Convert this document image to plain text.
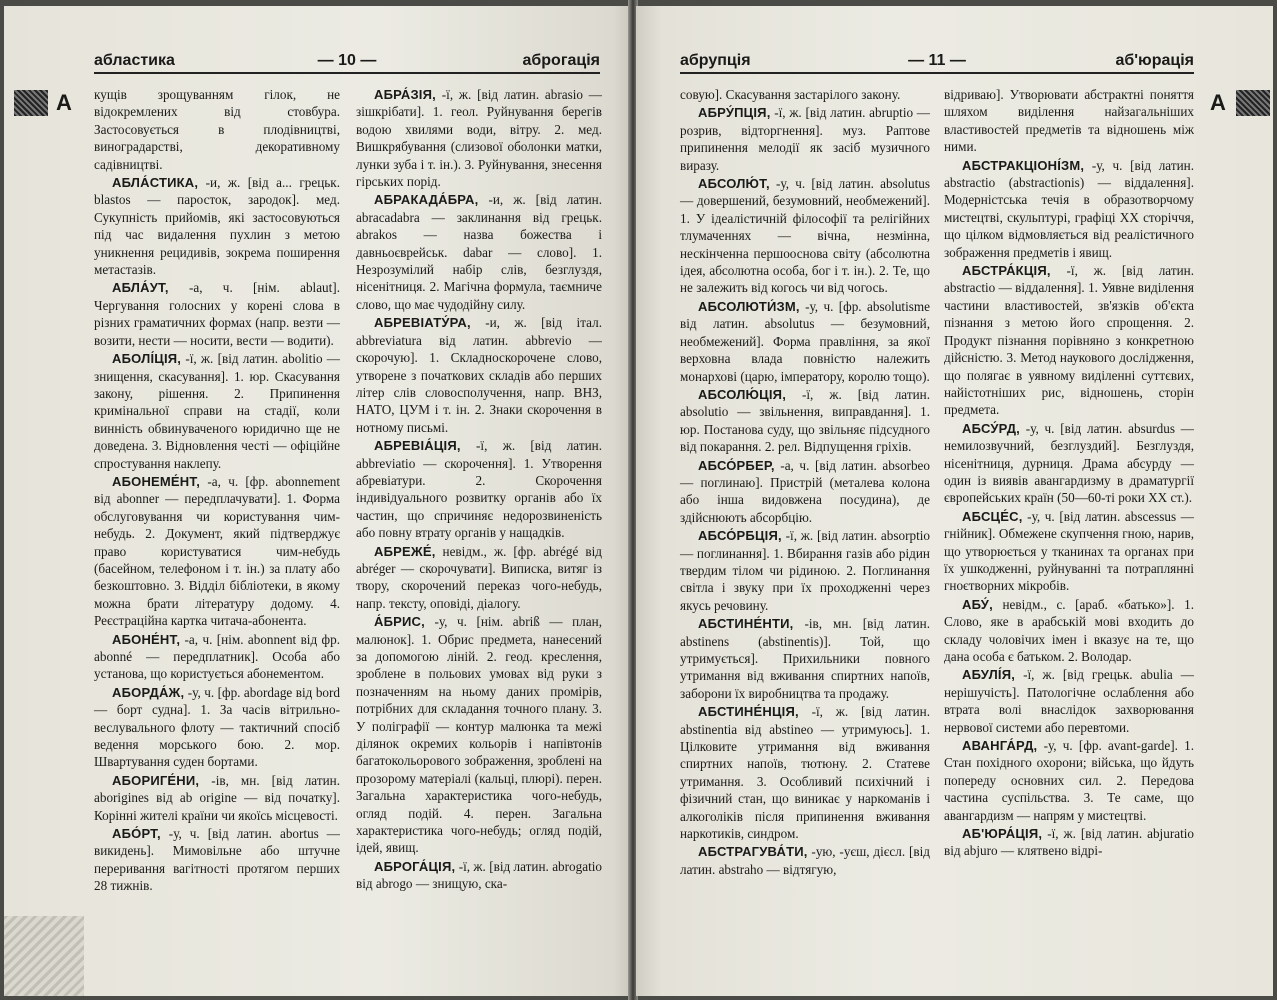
абластика	— 10 —	аброгація
А кущів зрощуванням гілок, не відокремлених від стовбура. Застосовується в плодівництві, виноградарстві, декоративному садівництві.

АБЛА́СТИКА, -и, ж. [від а... грецьк. blastos — паросток, зародок]. мед. Сукупність прийомів, які застосовуються під час видалення пухлин з метою уникнення рецидивів, зокрема поширення метастазів.

АБЛА́УТ, -а, ч. [нім. ablaut]. Чергування голосних у корені слова в різних граматичних формах (напр. везти — возити, нести — носити, вести — водити).

АБОЛІ́ЦІЯ, -ї, ж. [від латин. abolitio — знищення, скасування]. 1. юр. Скасування закону, рішення. 2. Припинення кримінальної справи на стадії, коли винність обвинуваченого юридично ще не доведена. 3. Відновлення честі — офіційне спростування наклепу.

АБОНЕМЕ́НТ, -а, ч. [фр. abonnement від abonner — передплачувати]. 1. Форма обслуговування чи користування чим-небудь. 2. Документ, який підтверджує право користуватися чим-небудь (басейном, телефоном і т. ін.) за плату або безкоштовно. 3. Відділ бібліотеки, в якому можна брати літературу додому. 4. Реєстраційна картка читача-абонента.

АБОНЕ́НТ, -а, ч. [нім. abonnent від фр. abonné — передплатник]. Особа або установа, що користується абонементом.

АБОРДА́Ж, -у, ч. [фр. abordage від bord — борт судна]. 1. За часів вітрильно-веслувального флоту — тактичний спосіб ведення морського бою. 2. мор. Швартування суден бортами.

АБОРИГЕ́НИ, -ів, мн. [від латин. aborigines від ab origine — від початку]. Корінні жителі країни чи якоїсь місцевості.

АБО́РТ, -у, ч. [від латин. abortus — викидень]. Мимовільне або штучне переривання вагітності протягом перших 28 тижнів.

АБРА́ЗІЯ, -ї, ж. [від латин. abrasio — зішкрібати]. 1. геол. Руйнування берегів водою хвилями води, вітру. 2. мед. Вишкрябування (слизової оболонки матки, лунки зуба і т. ін.). 3. Руйнування, знесення гірських порід.

АБРАКАДА́БРА, -и, ж. [від латин. abracadabra — заклинання від грецьк. abrakos — назва божества і давньоєврейськ. dabar — слово]. 1. Незрозумілий набір слів, безглуздя, нісенітниця. 2. Магічна формула, таємниче слово, що має чудодійну силу.

АБРЕВІАТУ́РА, -и, ж. [від італ. abbreviatura від латин. abbrevio — скорочую]. 1. Складноскорочене слово, утворене з початкових складів або перших літер слів словосполучення, напр. ВНЗ, НАТО, ЦУМ і т. ін. 2. Знаки скорочення в нотному письмі.

АБРЕВІА́ЦІЯ, -ї, ж. [від латин. abbreviatio — скорочення]. 1. Утворення абревіатури. 2. Скорочення індивідуального розвитку органів або їх частин, що спричиняє недорозвиненість або повну втрату органів у нащадків.

АБРЕЖЕ́, невідм., ж. [фр. abrégé від abréger — скорочувати]. Виписка, витяг із твору, скорочений переказ чого-небудь, напр. тексту, оповіді, діалогу.

А́БРИС, -у, ч. [нім. abriß — план, малюнок]. 1. Обрис предмета, нанесений за допомогою ліній. 2. геод. креслення, зроблене в польових умовах від руки з позначенням на ньому даних промірів, потрібних для складання точного плану. 3. У поліграфії — контур малюнка та межі ділянок окремих кольорів і напівтонів багатокольорового зображення, зроблені на прозорому матеріалі (кальці, плюрі). перен. Загальна характеристика чого-небудь, огляд подій. 4. перен. Загальна характеристика чого-небудь; огляд подій, ідей, явищ.

АБРОГА́ЦІЯ, -ї, ж. [від латин. abrogatio від abrogo — знищую, ска-

абрупція	— 11 —	аб'юрація
А

совую]. Скасування застарілого закону.

АБРУ́ПЦІЯ, -ї, ж. [від латин. abruptio — розрив, відторгнення]. муз. Раптове припинення мелодії як засіб музичного виразу.

АБСОЛЮ́Т, -у, ч. [від латин. absolutus — довершений, безумовний, необмежений]. 1. У ідеалістичній філософії та релігійних тлумаченнях — вічна, незмінна, нескінченна першооснова світу (абсолютна ідея, абсолютна особа, бог і т. ін.). 2. Те, що не залежить від когось чи від чогось.

АБСОЛЮТИ́ЗМ, -у, ч. [фр. absolutisme від латин. absolutus — безумовний, необмежений]. Форма правління, за якої верховна влада повністю належить монархові (царю, імператору, королю тощо).

АБСОЛЮ́ЦІЯ, -ї, ж. [від латин. absolutio — звільнення, виправдання]. 1. юр. Постанова суду, що звільняє підсудного від покарання. 2. рел. Відпущення гріхів.

АБСО́РБЕР, -а, ч. [від латин. absorbeo — поглинаю]. Пристрій (металева колона або інша видовжена посудина), де здійснюють абсорбцію.

АБСО́РБЦІЯ, -ї, ж. [від латин. absorptio — поглинання]. 1. Вбирання газів або рідин твердим тілом чи рідиною. 2. Поглинання світла і звуку при їх проходженні через якусь речовину.

АБСТИНЕ́НТИ, -ів, мн. [від латин. abstinens (abstinentis)]. Той, що утримується]. Прихильники повного утримання від вживання спиртних напоїв, заборони їх виробництва та продажу.

АБСТИНЕ́НЦІЯ, -ї, ж. [від латин. abstinentia від abstineo — утримуюсь]. 1. Цілковите утримання від вживання спиртних напоїв, тютюну. 2. Статеве утримання. 3. Особливий психічний і фізичний стан, що виникає у наркоманів і алкоголіків після припинення вживання наркотиків, синдром.

АБСТРАГУВА́ТИ, -ую, -уєш, дієсл. [від латин. abstraho — відтягую,

відриваю]. Утворювати абстрактні поняття шляхом виділення найзагальніших властивостей предметів та відношень між ними.

АБСТРАКЦІОНІ́ЗМ, -у, ч. [від латин. abstractio (abstractionis) — віддалення]. Модерністська течія в образотворчому мистецтві, скульптурі, графіці XX сторіччя, що цілком відмовляється від реалістичного зображення предметів і явищ.

АБСТРА́КЦІЯ, -ї, ж. [від латин. abstractio — віддалення]. 1. Уявне виділення частини властивостей, зв'язків об'єкта пізнання з метою його спрощення. 2. Продукт пізнання порівняно з конкретною дійсністю. 3. Метод наукового дослідження, що полягає в уявному виділенні суттєвих, найістотніших рис, відношень, сторін предмета.

АБСУ́РД, -у, ч. [від латин. absurdus — немилозвучний, безглуздий]. Безглуздя, нісенітниця, дурниця. Драма абсурду — один із виявів авангардизму в драматургії європейських країн (50—60-ті роки XX ст.).

АБСЦЕ́С, -у, ч. [від латин. abscessus — гнійник]. Обмежене скупчення гною, нарив, що утворюється у тканинах та органах при їх ушкодженні, руйнуванні та потраплянні гноєтворних мікробів.

АБУ́, невідм., с. [араб. «батько»]. 1. Слово, яке в арабській мові входить до складу чоловічих імен і вказує на те, що дана особа є батьком. 2. Володар.

АБУЛІ́Я, -ї, ж. [від грецьк. abulia — нерішучість]. Патологічне ослаблення або втрата волі внаслідок захворювання нервової системи або перевтоми.

АВАНГА́РД, -у, ч. [фр. avant-garde]. 1. Стан похідного охорони; війська, що йдуть попереду основних сил. 2. Передова частина суспільства. 3. Те саме, що авангардизм — напрям у мистецтві.

АБ'ЮРА́ЦІЯ, -ї, ж. [від латин. abjuratio від abjuro — клятвено відрі-
